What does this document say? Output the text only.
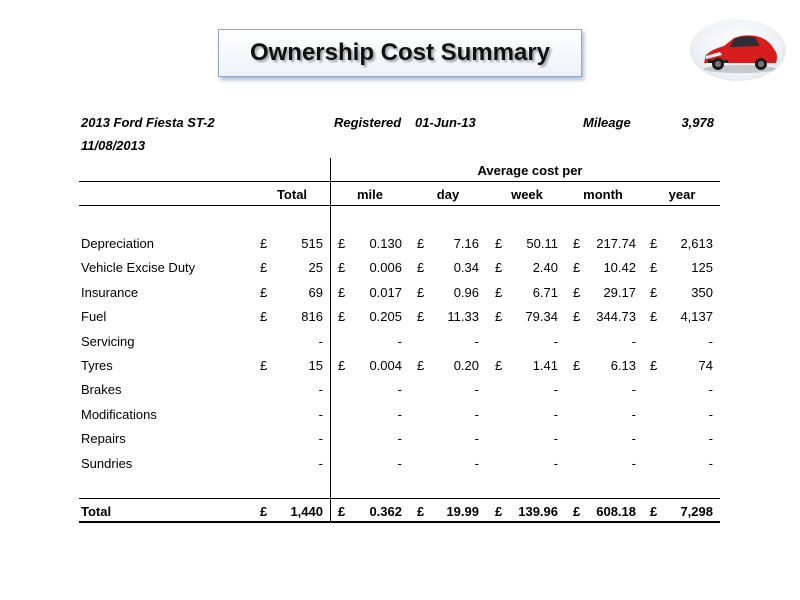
Ownership Cost Summary
2013 Ford Fiesta ST-2
11/08/2013
Registered 01-Jun-13	Mileage	3,978
Average cost per
Total	mile	day	week	month	year
Depreciation	£	515 £	0.130 £	7.16 £	50.11 £	217.74 £	2,613
Vehicle Excise Duty	£	25 £	0.006 £	0.34 £	2.40 £	10.42 £	125
Insurance	£	69 £	0.017 £	0.96 £	6.71 £	29.17 £	350
Fuel	£	816 £	0.205 £	11.33 £	79.34 £	344.73 £	4,137
Servicing	-	-	-	-	-	-
Tyres	£	15 £	0.004 £	0.20 £	1.41 £	6.13 £	74
Brakes	-	-	-	-	-	-
Modifications	-	-	-	-	-	-
Repairs	-	-	-	-	-	-
Sundries	-	-	-	-	-	-
Total	£	1,440 £	0.362 £	19.99 £	139.96 £	608.18 £	7,298
